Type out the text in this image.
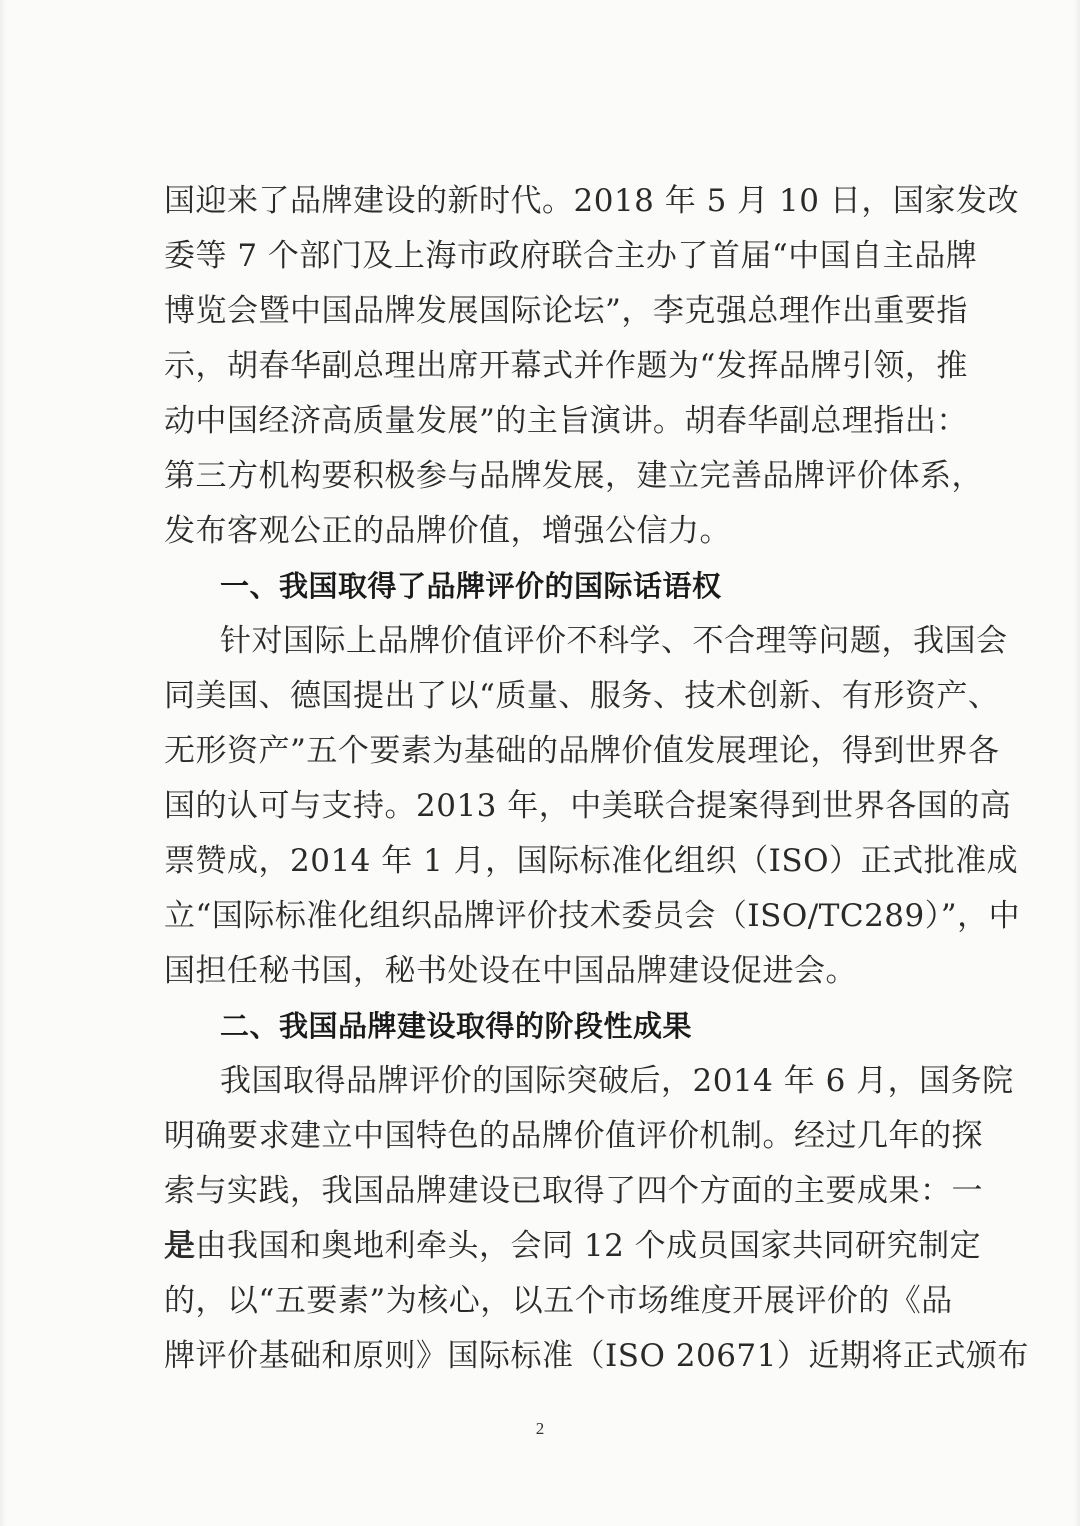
国迎来了品牌建设的新时代。2018 年 5 月 10 日，国家发改
委等 7 个部门及上海市政府联合主办了首届“中国自主品牌
博览会暨中国品牌发展国际论坛”，李克强总理作出重要指
示，胡春华副总理出席开幕式并作题为“发挥品牌引领，推
动中国经济高质量发展”的主旨演讲。胡春华副总理指出：
第三方机构要积极参与品牌发展，建立完善品牌评价体系，
发布客观公正的品牌价值，增强公信力。
一、我国取得了品牌评价的国际话语权
针对国际上品牌价值评价不科学、不合理等问题，我国会
同美国、德国提出了以“质量、服务、技术创新、有形资产、
无形资产”五个要素为基础的品牌价值发展理论，得到世界各
国的认可与支持。2013 年，中美联合提案得到世界各国的高
票赞成，2014 年 1 月，国际标准化组织（ISO）正式批准成
立“国际标准化组织品牌评价技术委员会（ISO/TC289）”，中
国担任秘书国，秘书处设在中国品牌建设促进会。
二、我国品牌建设取得的阶段性成果
我国取得品牌评价的国际突破后，2014 年 6 月，国务院
明确要求建立中国特色的品牌价值评价机制。经过几年的探
索与实践，我国品牌建设已取得了四个方面的主要成果：一
是由我国和奥地利牵头，会同 12 个成员国家共同研究制定
的，以“五要素”为核心，以五个市场维度开展评价的《品
牌评价基础和原则》国际标准（ISO 20671）近期将正式颁布
2
